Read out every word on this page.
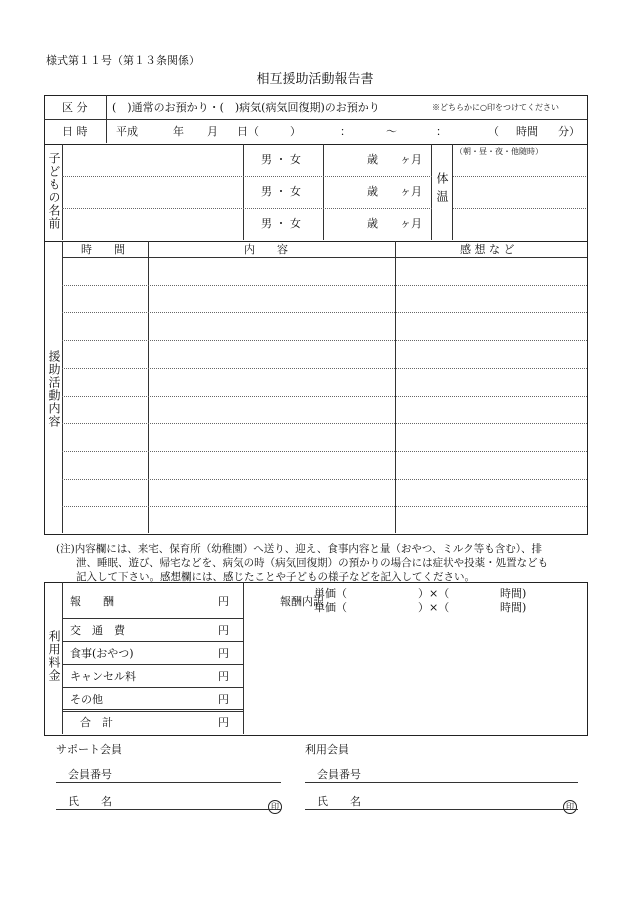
様式第１１号（第１３条関係）
相互援助活動報告書
区 分 (　)通常のお預かり・(　)病気(病気回復期)のお預かり	※どちらかに○印をつけてください
日 時	平成	年 月 日（	）	：	～	：	（ 時間 分）
子どもの名前	男 ・ 女	歳 ヶ月
男 ・ 女	歳 ヶ月
男 ・ 女	歳 ヶ月
体温
（朝・昼・夜・他随時）
援助活動内容
時　　間	内　　容	感 想 な ど
(注)内容欄には、来宅、保育所（幼稚園）へ送り、迎え、食事内容と量（おやつ、ミルク等も含む）、排
泄、睡眠、遊び、帰宅などを、病気の時（病気回復期）の預かりの場合には症状や投薬・処置なども
記入して下さい。感想欄には、感じたことや子どもの様子などを記入してください。
利用料金
報　　酬	円	報酬内訳
単価（	）×（	時間)
単価（	）×（	時間)
交　通　費	円
食事(おやつ)	円
キャンセル料	円
その他	円
合　計	円
サポート会員	利用会員
会員番号	会員番号
氏　　名	印	氏　　名	印
